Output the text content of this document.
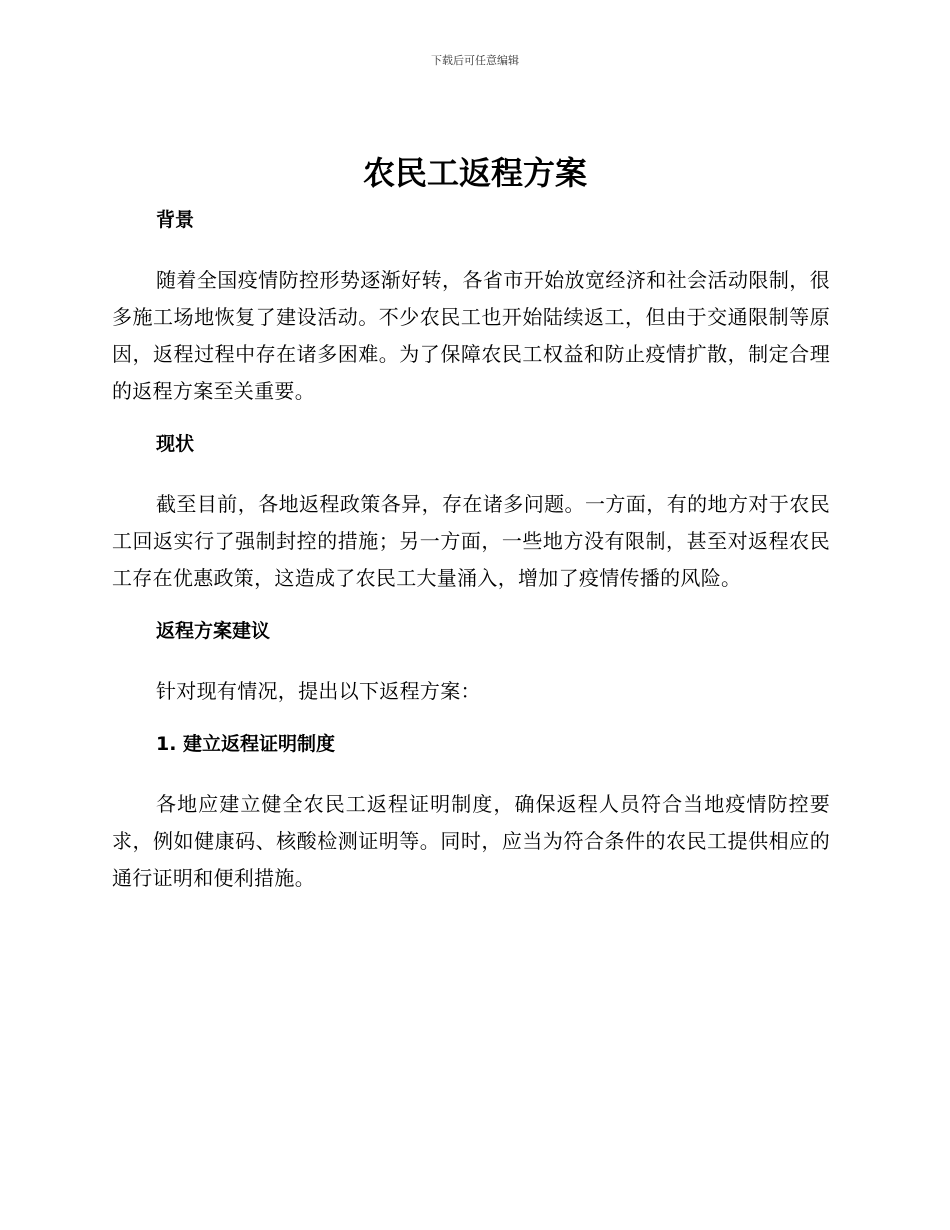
下载后可任意编辑
农民工返程方案
背景

随着全国疫情防控形势逐渐好转，各省市开始放宽经济和社会活动限制，很多施工场地恢复了建设活动。不少农民工也开始陆续返工，但由于交通限制等原因，返程过程中存在诸多困难。为了保障农民工权益和防止疫情扩散，制定合理的返程方案至关重要。

现状

截至目前，各地返程政策各异，存在诸多问题。一方面，有的地方对于农民工回返实行了强制封控的措施；另一方面，一些地方没有限制，甚至对返程农民工存在优惠政策，这造成了农民工大量涌入，增加了疫情传播的风险。

返程方案建议

针对现有情况，提出以下返程方案：

1. 建立返程证明制度

各地应建立健全农民工返程证明制度，确保返程人员符合当地疫情防控要求，例如健康码、核酸检测证明等。同时，应当为符合条件的农民工提供相应的通行证明和便利措施。
